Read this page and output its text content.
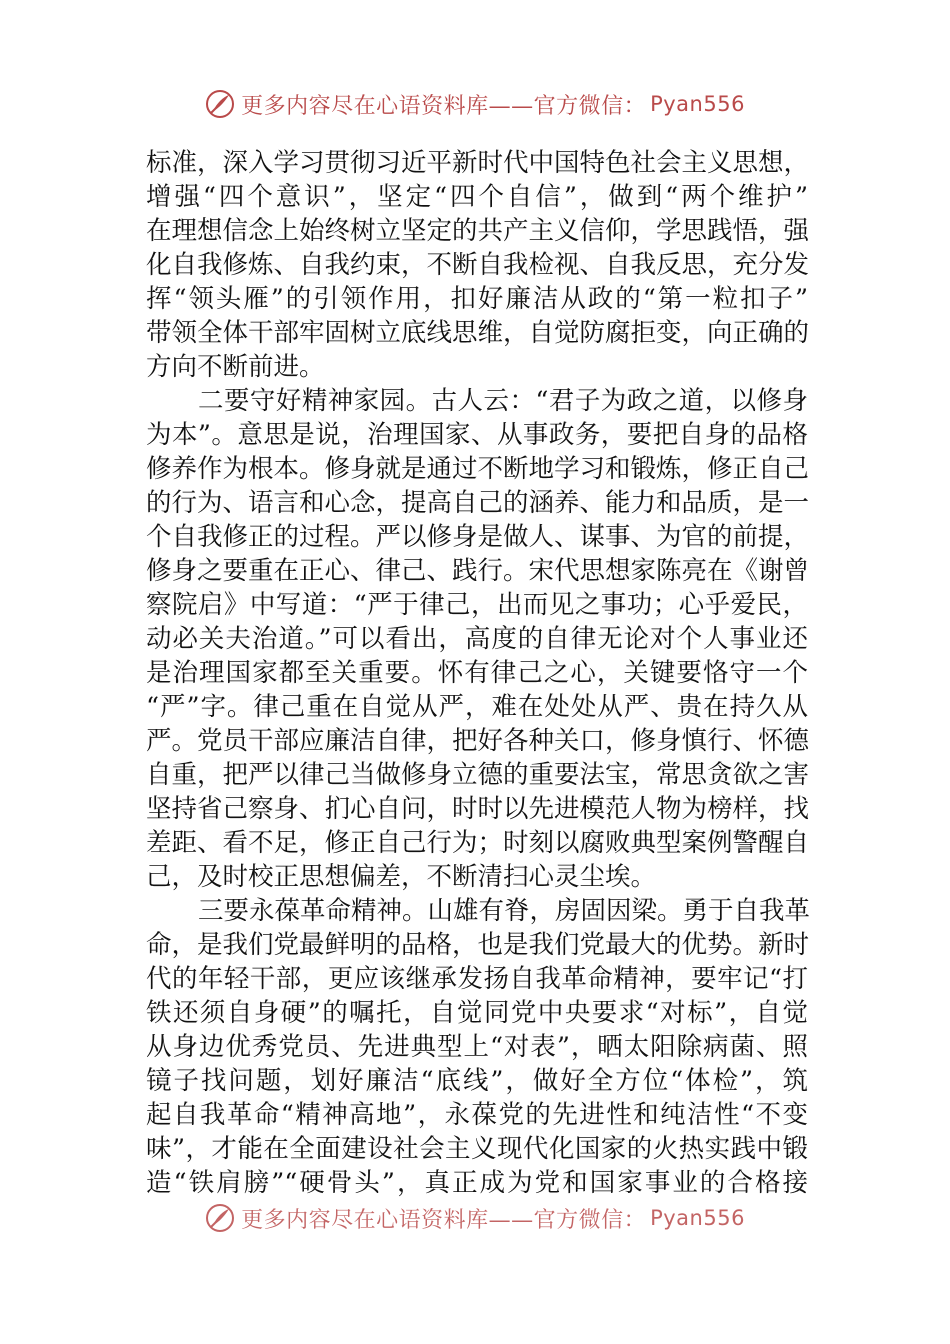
更多内容尽在心语资料库——官方微信： Pyan556
标准，深入学习贯彻习近平新时代中国特色社会主义思想，
增强“四个意识”，坚定“四个自信”，做到“两个维护”
在理想信念上始终树立坚定的共产主义信仰，学思践悟，强
化自我修炼、自我约束，不断自我检视、自我反思，充分发
挥“领头雁”的引领作用，扣好廉洁从政的“第一粒扣子”
带领全体干部牢固树立底线思维，自觉防腐拒变，向正确的
方向不断前进。
二要守好精神家园。古人云：“君子为政之道，以修身
为本”。意思是说，治理国家、从事政务，要把自身的品格
修养作为根本。修身就是通过不断地学习和锻炼，修正自己
的行为、语言和心念，提高自己的涵养、能力和品质，是一
个自我修正的过程。严以修身是做人、谋事、为官的前提，
修身之要重在正心、律己、践行。宋代思想家陈亮在《谢曾
察院启》中写道：“严于律己，出而见之事功；心乎爱民，
动必关夫治道。”可以看出，高度的自律无论对个人事业还
是治理国家都至关重要。怀有律己之心，关键要恪守一个
“严”字。律己重在自觉从严，难在处处从严、贵在持久从
严。党员干部应廉洁自律，把好各种关口，修身慎行、怀德
自重，把严以律己当做修身立德的重要法宝，常思贪欲之害
坚持省己察身、扪心自问，时时以先进模范人物为榜样，找
差距、看不足，修正自己行为；时刻以腐败典型案例警醒自
己，及时校正思想偏差，不断清扫心灵尘埃。
三要永葆革命精神。山雄有脊，房固因梁。勇于自我革
命，是我们党最鲜明的品格，也是我们党最大的优势。新时
代的年轻干部，更应该继承发扬自我革命精神，要牢记“打
铁还须自身硬”的嘱托，自觉同党中央要求“对标”，自觉
从身边优秀党员、先进典型上“对表”，晒太阳除病菌、照
镜子找问题，划好廉洁“底线”，做好全方位“体检”，筑
起自我革命“精神高地”，永葆党的先进性和纯洁性“不变
味”，才能在全面建设社会主义现代化国家的火热实践中锻
造“铁肩膀”“硬骨头”，真正成为党和国家事业的合格接
更多内容尽在心语资料库——官方微信： Pyan556
